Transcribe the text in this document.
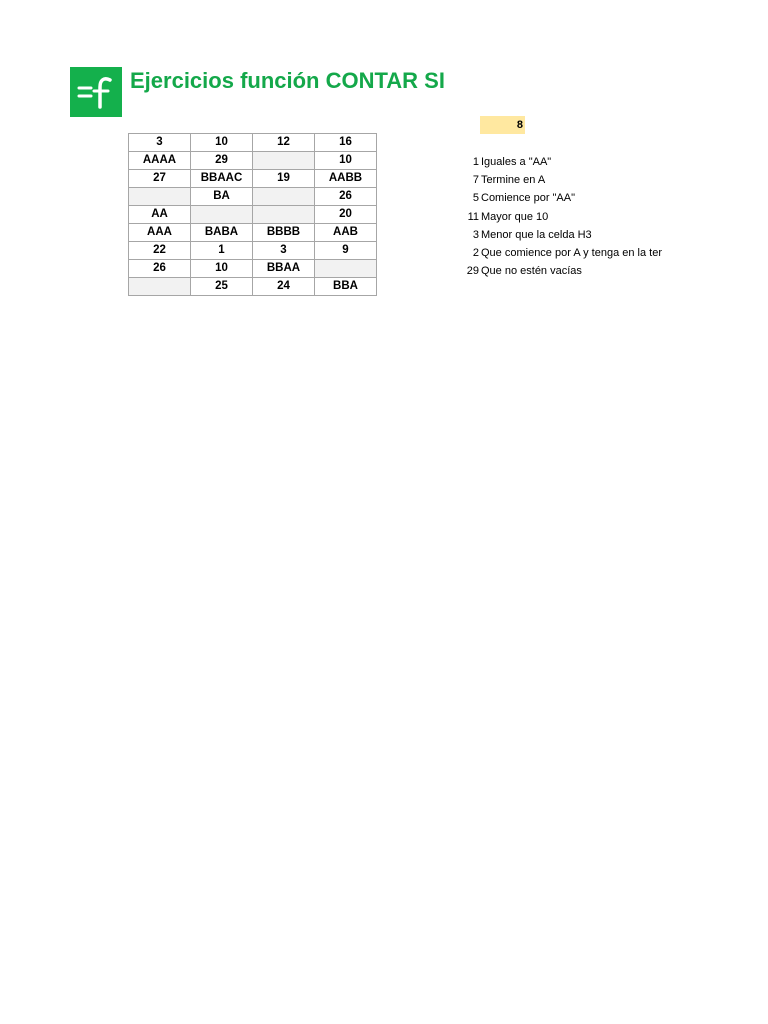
Ejercicios función CONTAR SI
8
3	10	12	16
AAAA	29		10
27	BBAAC	19	AABB
	BA		26
AA			20
AAA	BABA	BBBB	AAB
22	1	3	9
26	10	BBAA	
	25	24	BBA
1 Iguales a "AA"
7 Termine en A
5 Comience por "AA"
11 Mayor que 10
3 Menor que la celda H3
2 Que comience por A y tenga en la ter
29 Que no estén vacías
